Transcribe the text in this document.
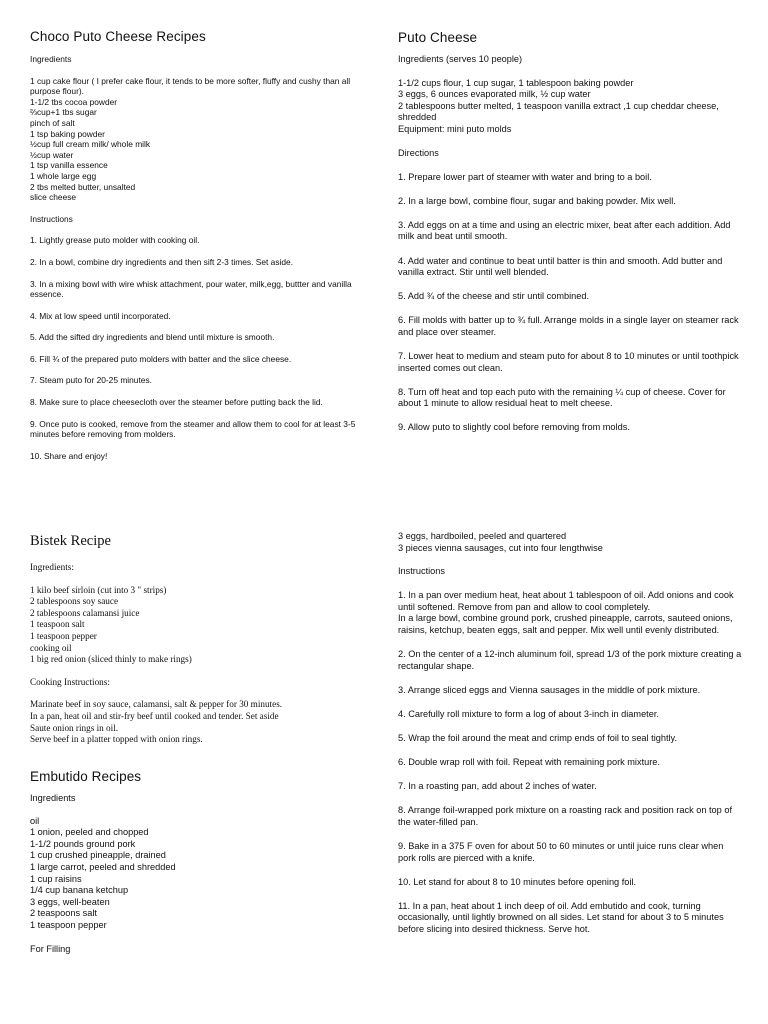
Choco Puto Cheese Recipes
Ingredients
1 cup cake flour ( I prefer cake flour, it tends to be more softer, fluffy and cushy than all purpose flour).
1-1/2 tbs cocoa powder
⅔cup+1 tbs sugar
pinch of salt
1 tsp baking powder
½cup full cream milk/ whole milk
½cup water
1 tsp vanilla essence
1 whole large egg
2 tbs melted butter, unsalted
slice cheese
Instructions

1. Lightly grease puto molder with cooking oil.

2. In a bowl, combine dry ingredients and then sift 2-3 times. Set aside.

3. In a mixing bowl with wire whisk attachment, pour water, milk,egg, buttter and vanilla essence.

4. Mix at low speed until incorporated.

5. Add the sifted dry ingredients and blend until mixture is smooth.

6. Fill ¾ of the prepared puto molders with batter and the slice cheese.

7. Steam puto for 20-25 minutes.

8. Make sure to place cheesecloth over the steamer before putting back the lid.

9. Once puto is cooked, remove from the steamer and allow them to cool for at least 3-5 minutes before removing from molders.

10. Share and enjoy!

Puto Cheese
Ingredients (serves 10 people)
1-1/2 cups flour, 1 cup sugar, 1 tablespoon baking powder
3 eggs, 6 ounces evaporated milk, ½ cup water
2 tablespoons butter melted, 1 teaspoon vanilla extract ,1 cup cheddar cheese, shredded
Equipment: mini puto molds
Directions

1. Prepare lower part of steamer with water and bring to a boil.

2. In a large bowl, combine flour, sugar and baking powder. Mix well.

3. Add eggs on at a time and using an electric mixer, beat after each addition. Add milk and beat until smooth.

4. Add water and continue to beat until batter is thin and smooth. Add butter and vanilla extract. Stir until well blended.

5. Add ¾ of the cheese and stir until combined.

6. Fill molds with batter up to ¾ full. Arrange molds in a single layer on steamer rack and place over steamer.

7. Lower heat to medium and steam puto for about 8 to 10 minutes or until toothpick inserted comes out clean.

8. Turn off heat and top each puto with the remaining ¼ cup of cheese. Cover for about 1 minute to allow residual heat to melt cheese.

9. Allow puto to slightly cool before removing from molds.

Bistek Recipe
Ingredients:
1 kilo beef sirloin (cut into 3 " strips)
2 tablespoons soy sauce
2 tablespoons calamansi juice
1 teaspoon salt
1 teaspoon pepper
cooking oil
1 big red onion (sliced thinly to make rings)
Cooking Instructions:
Marinate beef in soy sauce, calamansi, salt & pepper for 30 minutes.
In a pan, heat oil and stir-fry beef until cooked and tender. Set aside
Saute onion rings in oil.
Serve beef in a platter topped with onion rings.
Embutido Recipes
Ingredients
oil
1 onion, peeled and chopped
1-1/2 pounds ground pork
1 cup crushed pineapple, drained
1 large carrot, peeled and shredded
1 cup raisins
1/4 cup banana ketchup
3 eggs, well-beaten
2 teaspoons salt
1 teaspoon pepper
For Filling
3 eggs, hardboiled, peeled and quartered
3 pieces vienna sausages, cut into four lengthwise
Instructions

1. In a pan over medium heat, heat about 1 tablespoon of oil. Add onions and cook until softened. Remove from pan and allow to cool completely.

In a large bowl, combine ground pork, crushed pineapple, carrots, sauteed onions, raisins, ketchup, beaten eggs, salt and pepper. Mix well until evenly distributed.

2. On the center of a 12-inch aluminum foil, spread 1/3 of the pork mixture creating a rectangular shape.

3. Arrange sliced eggs and Vienna sausages in the middle of pork mixture.

4. Carefully roll mixture to form a log of about 3-inch in diameter.

5. Wrap the foil around the meat and crimp ends of foil to seal tightly.

6. Double wrap roll with foil. Repeat with remaining pork mixture.

7. In a roasting pan, add about 2 inches of water.

8. Arrange foil-wrapped pork mixture on a roasting rack and position rack on top of the water-filled pan.

9. Bake in a 375 F oven for about 50 to 60 minutes or until juice runs clear when pork rolls are pierced with a knife.

10. Let stand for about 8 to 10 minutes before opening foil.

11. In a pan, heat about 1 inch deep of oil. Add embutido and cook, turning occasionally, until lightly browned on all sides. Let stand for about 3 to 5 minutes before slicing into desired thickness. Serve hot.
